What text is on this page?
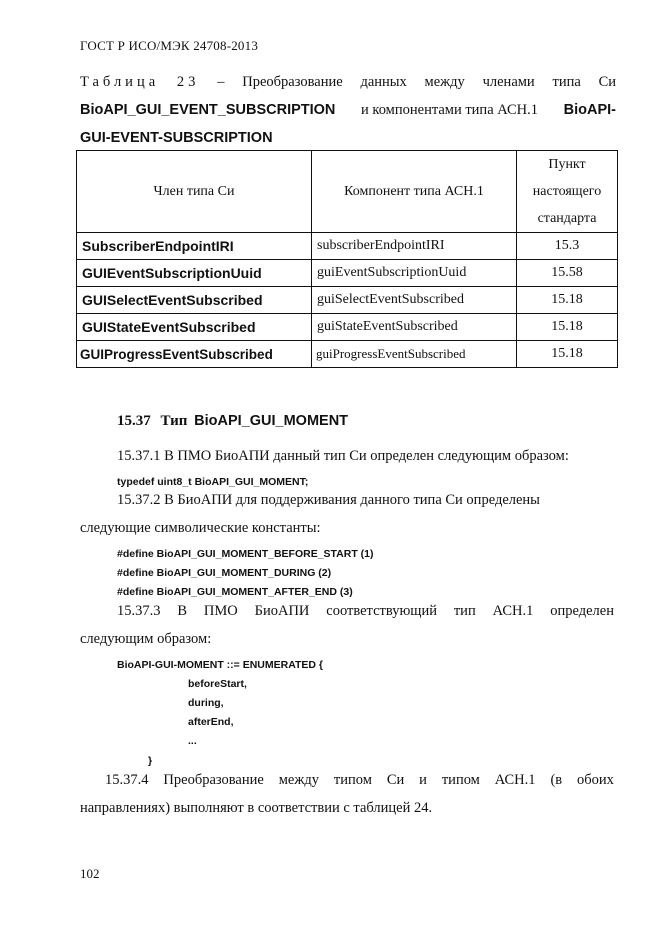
ГОСТ Р ИСО/МЭК 24708-2013
Таблица 23 – Преобразование данных между членами типа Си
BioAPI_GUI_EVENT_SUBSCRIPTION и компонентами типа АСН.1 BioAPI-
GUI-EVENT-SUBSCRIPTION
Член типа Си	Компонент типа АСН.1	Пункт
настоящего
стандарта

SubscriberEndpointIRI	subscriberEndpointIRI	15.3
GUIEventSubscriptionUuid	guiEventSubscriptionUuid	15.58
GUISelectEventSubscribed	guiSelectEventSubscribed	15.18
GUIStateEventSubscribed	guiStateEventSubscribed	15.18
GUIProgressEventSubscribed	guiProgressEventSubscribed	15.18
15.37 Тип BioAPI_GUI_MOMENT
15.37.1 В ПМО БиоАПИ данный тип Си определен следующим образом:
typedef uint8_t BioAPI_GUI_MOMENT;
15.37.2 В БиоАПИ для поддерживания данного типа Си определены
следующие символические константы:
#define BioAPI_GUI_MOMENT_BEFORE_START (1)
#define BioAPI_GUI_MOMENT_DURING (2)
#define BioAPI_GUI_MOMENT_AFTER_END (3)
15.37.3 В ПМО БиоАПИ соответствующий тип АСН.1 определен
следующим образом:
BioAPI-GUI-MOMENT ::= ENUMERATED {
beforeStart,
during,
afterEnd,
...
}
15.37.4 Преобразование между типом Си и типом АСН.1 (в обоих
направлениях) выполняют в соответствии с таблицей 24.
102
